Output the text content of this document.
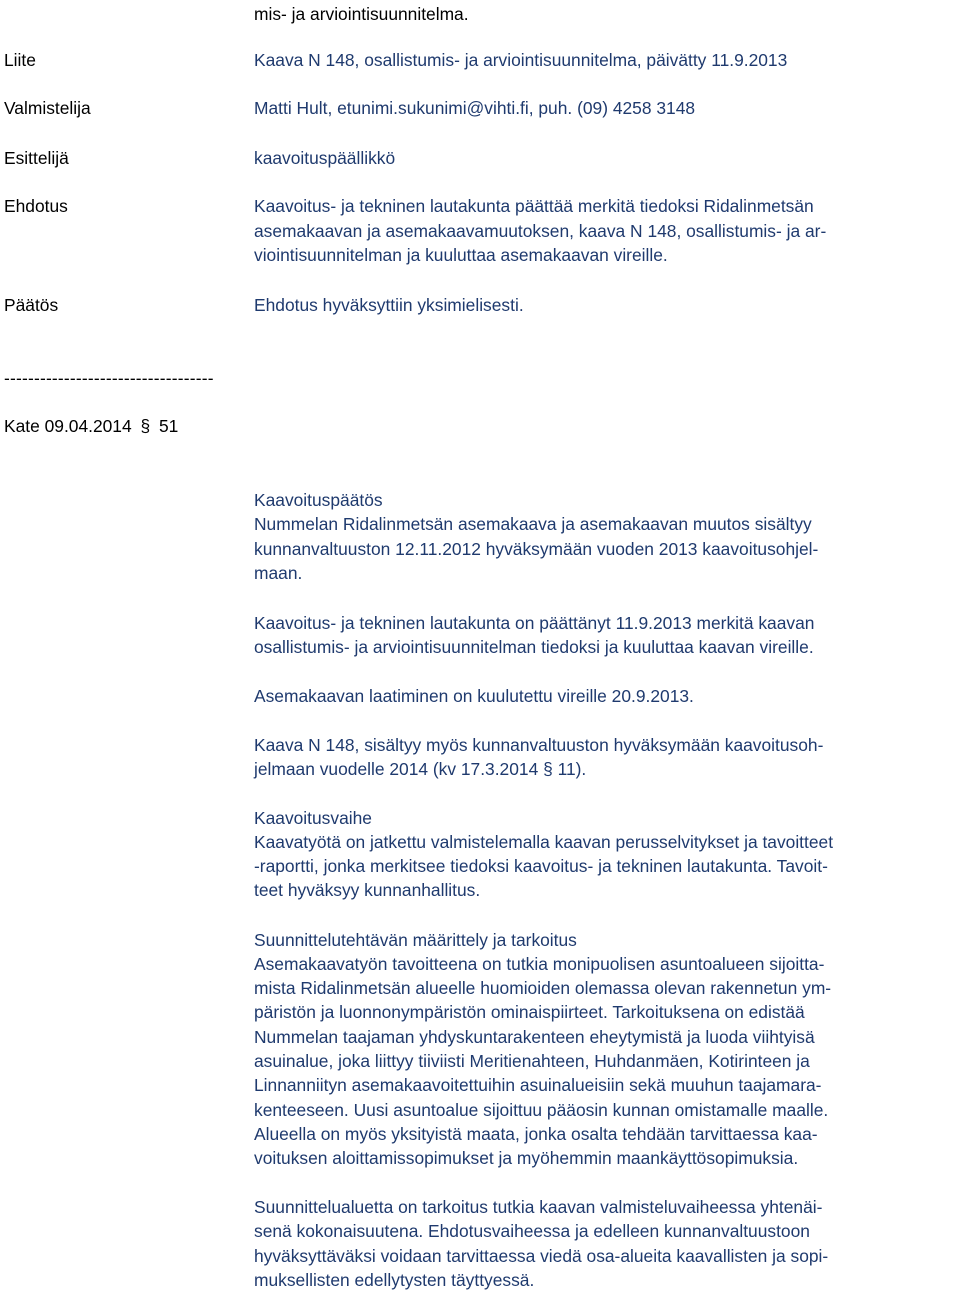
mis- ja arviointisuunnitelma.
Liite	Kaava N 148, osallistumis- ja arviointisuunnitelma, päivätty 11.9.2013
Valmistelija	Matti Hult, etunimi.sukunimi@vihti.fi, puh. (09) 4258 3148
Esittelijä	kaavoituspäällikkö
Ehdotus	Kaavoitus- ja tekninen lautakunta päättää merkitä tiedoksi Ridalinmetsän
asemakaavan ja asemakaavamuutoksen, kaava N 148, osallistumis- ja ar-
viointisuunnitelman ja kuuluttaa asemakaavan vireille.
Päätös	Ehdotus hyväksyttiin yksimielisesti.
-----------------------------------
Kate 09.04.2014 § 51
Kaavoituspäätös
Nummelan Ridalinmetsän asemakaava ja asemakaavan muutos sisältyy
kunnanvaltuuston 12.11.2012 hyväksymään vuoden 2013 kaavoitusohjel-
maan.
Kaavoitus- ja tekninen lautakunta on päättänyt 11.9.2013 merkitä kaavan
osallistumis- ja arviointisuunnitelman tiedoksi ja kuuluttaa kaavan vireille.
Asemakaavan laatiminen on kuulutettu vireille 20.9.2013.
Kaava N 148, sisältyy myös kunnanvaltuuston hyväksymään kaavoitusoh-
jelmaan vuodelle 2014 (kv 17.3.2014 § 11).
Kaavoitusvaihe
Kaavatyötä on jatkettu valmistelemalla kaavan perusselvitykset ja tavoitteet
-raportti, jonka merkitsee tiedoksi kaavoitus- ja tekninen lautakunta. Tavoit-
teet hyväksyy kunnanhallitus.
Suunnittelutehtävän määrittely ja tarkoitus
Asemakaavatyön tavoitteena on tutkia monipuolisen asuntoalueen sijoitta-
mista Ridalinmetsän alueelle huomioiden olemassa olevan rakennetun ym-
päristön ja luonnonympäristön ominaispiirteet. Tarkoituksena on edistää
Nummelan taajaman yhdyskuntarakenteen eheytymistä ja luoda viihtyisä
asuinalue, joka liittyy tiiviisti Meritienahteen, Huhdanmäen, Kotirinteen ja
Linnanniityn asemakaavoitettuihin asuinalueisiin sekä muuhun taajamara-
kenteeseen. Uusi asuntoalue sijoittuu pääosin kunnan omistamalle maalle.
Alueella on myös yksityistä maata, jonka osalta tehdään tarvittaessa kaa-
voituksen aloittamissopimukset ja myöhemmin maankäyttösopimuksia.
Suunnittelualuetta on tarkoitus tutkia kaavan valmisteluvaiheessa yhtenäi-
senä kokonaisuutena. Ehdotusvaiheessa ja edelleen kunnanvaltuustoon
hyväksyttäväksi voidaan tarvittaessa viedä osa-alueita kaavallisten ja sopi-
muksellisten edellytysten täyttyessä.
